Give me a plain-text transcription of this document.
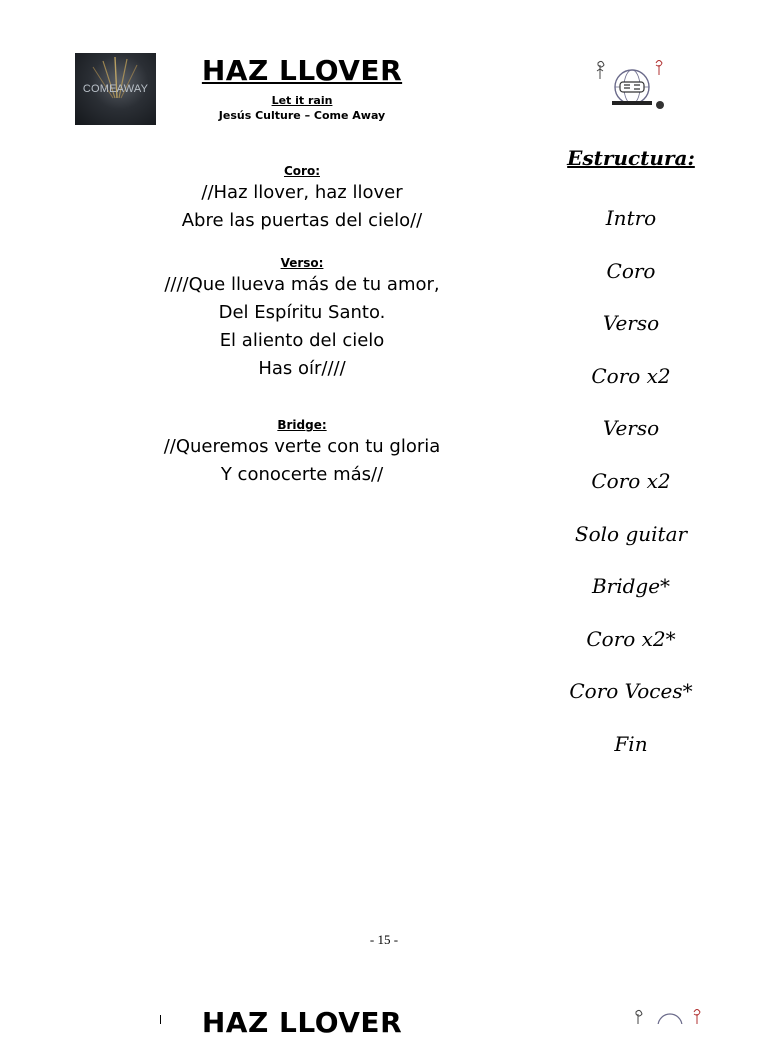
COMEAWAY
HAZ LLOVER
Let it rain
Jesús Culture – Come Away
Coro:
//Haz llover, haz llover
Abre las puertas del cielo//
Verso:
////Que llueva más de tu amor,
Del Espíritu Santo.
El aliento del cielo
Has oír////
Bridge:
//Queremos verte con tu gloria
Y conocerte más//
Estructura:
Intro
Coro
Verso
Coro x2
Verso
Coro x2
Solo guitar
Bridge*
Coro x2*
Coro Voces*
Fin
- 15 -
HAZ LLOVER
